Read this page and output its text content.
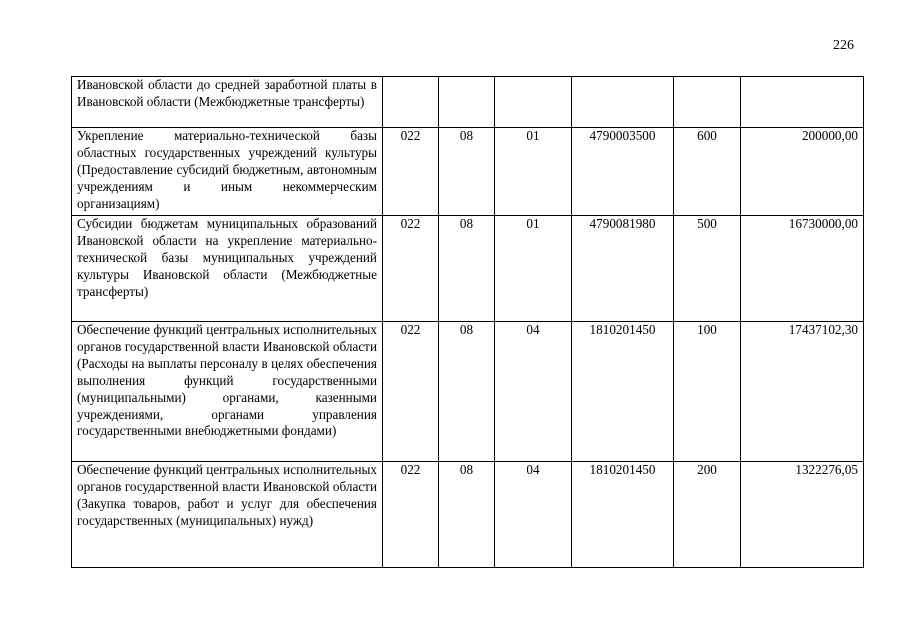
226
Ивановской области до средней заработной платы в Ивановской области (Межбюджетные трансферты)						
Укрепление материально-технической базы областных государственных учреждений культуры (Предоставление субсидий бюджетным, автономным учреждениям и иным некоммерческим организациям)	022	08	01	4790003500	600	200000,00
Субсидии бюджетам муниципальных образований Ивановской области на укрепление материально-технической базы муниципальных учреждений культуры Ивановской области (Межбюджетные трансферты)	022	08	01	4790081980	500	16730000,00
Обеспечение функций центральных исполнительных органов государственной власти Ивановской области (Расходы на выплаты персоналу в целях обеспечения выполнения функций государственными (муниципальными) органами, казенными учреждениями, органами управления государственными внебюджетными фондами)	022	08	04	1810201450	100	17437102,30
Обеспечение функций центральных исполнительных органов государственной власти Ивановской области (Закупка товаров, работ и услуг для обеспечения государственных (муниципальных) нужд)	022	08	04	1810201450	200	1322276,05
